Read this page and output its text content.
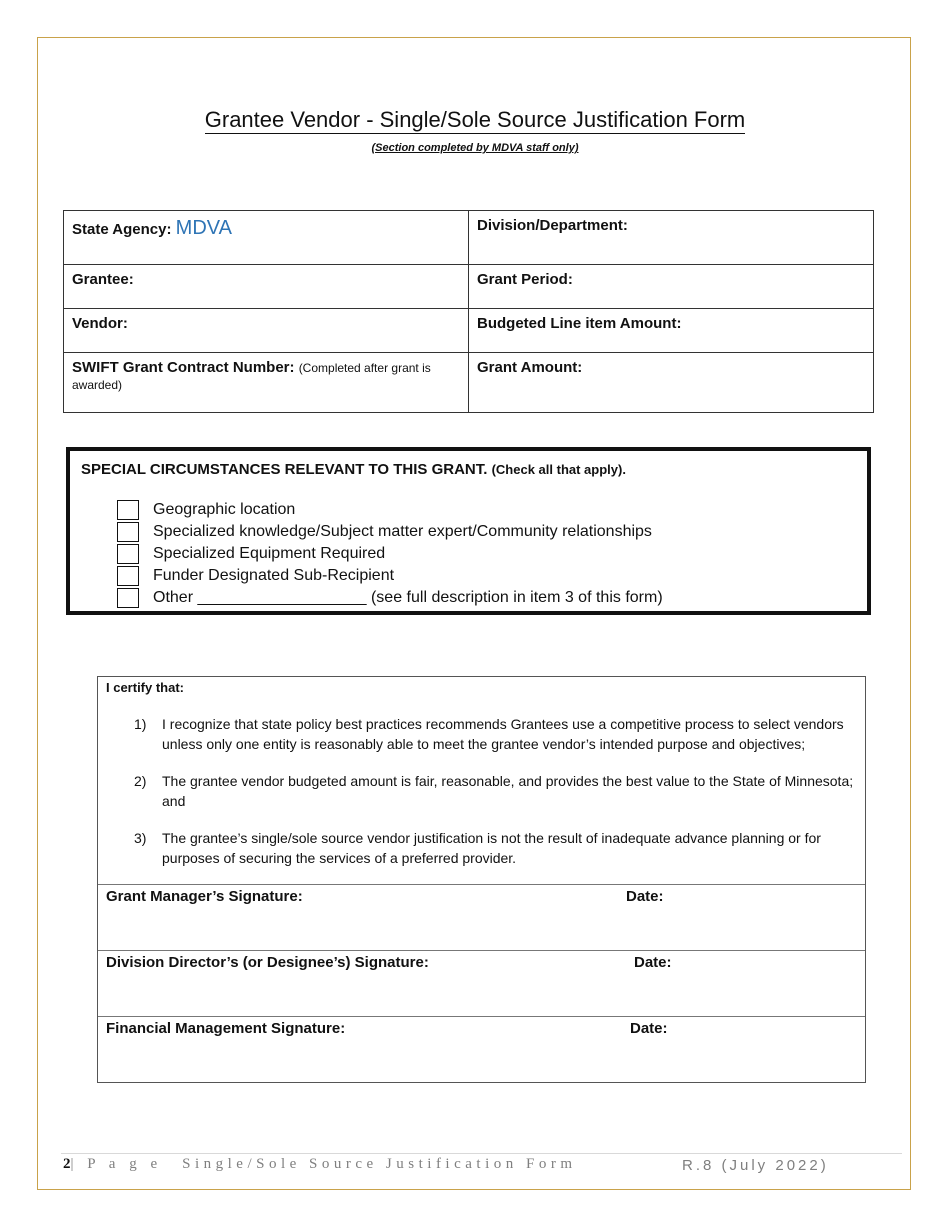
Grantee Vendor - Single/Sole Source Justification Form
(Section completed by MDVA staff only)
State Agency: MDVA	Division/Department:
Grantee:	Grant Period:
Vendor:	Budgeted Line item Amount:
SWIFT Grant Contract Number: (Completed after grant is awarded)	Grant Amount:
SPECIAL CIRCUMSTANCES RELEVANT TO THIS GRANT. (Check all that apply).
Geographic location
Specialized knowledge/Subject matter expert/Community relationships
Specialized Equipment Required
Funder Designated Sub-Recipient
Other ___________________ (see full description in item 3 of this form)
I certify that:
1)	I recognize that state policy best practices recommends Grantees use a competitive process to select vendors unless only one entity is reasonably able to meet the grantee vendor’s intended purpose and objectives;
2)	The grantee vendor budgeted amount is fair, reasonable, and provides the best value to the State of Minnesota; and
3)	The grantee’s single/sole source vendor justification is not the result of inadequate advance planning or for purposes of securing the services of a preferred provider.
Grant Manager’s Signature:	Date:
Division Director’s (or Designee’s) Signature:	Date:
Financial Management Signature:	Date:
2| P a g e Single/Sole Source Justification Form	R.8 (July 2022)
